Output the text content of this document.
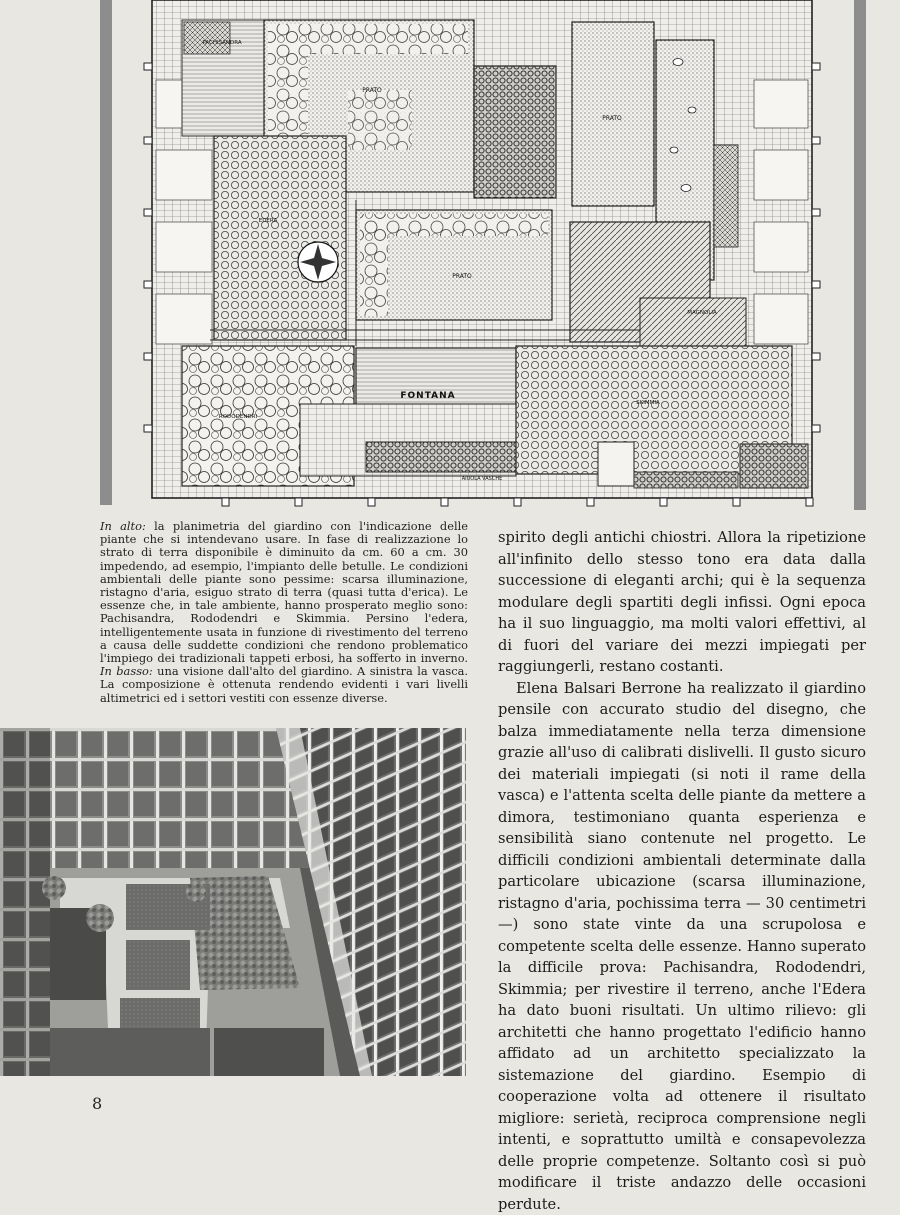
PRATO
PRATO
PRATO
FONTANA
EDERA
RODODENDRI
SKIMMIA
PACHISANDRA
MAGNOLIA
AIUOLA VASCHE

In alto: la planimetria del giardino con l'indicazione delle piante che si intendevano usare. In fase di realizzazione lo strato di terra disponibile è diminuito da cm. 60 a cm. 30 impedendo, ad esempio, l'impianto delle betulle. Le condizioni ambientali delle piante sono pessime: scarsa illuminazione, ristagno d'aria, esiguo strato di terra (quasi tutta d'erica). Le essenze che, in tale ambiente, hanno prosperato meglio sono: Pachisandra, Rododendri e Skimmia. Persino l'edera, intelligentemente usata in funzione di rivestimento del terreno a causa delle suddette condizioni che rendono problematico l'impiego dei tradizionali tappeti erbosi, ha sofferto in inverno. In basso: una visione dall'alto del giardino. A sinistra la vasca. La composizione è ottenuta rendendo evidenti i vari livelli altimetrici ed i settori vestiti con essenze diverse.

spirito degli antichi chiostri. Allora la ripetizione all'infinito dello stesso tono era data dalla successione di eleganti archi; qui è la sequenza modulare degli spartiti degli infissi. Ogni epoca ha il suo linguaggio, ma molti valori effettivi, al di fuori del variare dei mezzi impiegati per raggiungerli, restano costanti.

Elena Balsari Berrone ha realizzato il giardino pensile con accurato studio del disegno, che balza immediatamente nella terza dimensione grazie all'uso di calibrati dislivelli. Il gusto sicuro dei materiali impiegati (si noti il rame della vasca) e l'attenta scelta delle piante da mettere a dimora, testimoniano quanta esperienza e sensibilità siano contenute nel progetto. Le difficili condizioni ambientali determinate dalla particolare ubicazione (scarsa illuminazione, ristagno d'aria, pochissima terra — 30 centimetri —) sono state vinte da una scrupolosa e competente scelta delle essenze. Hanno superato la difficile prova: Pachisandra, Rododendri, Skimmia; per rivestire il terreno, anche l'Edera ha dato buoni risultati. Un ultimo rilievo: gli architetti che hanno progettato l'edificio hanno affidato ad un architetto specializzato la sistemazione del giardino. Esempio di cooperazione volta ad ottenere il risultato migliore: serietà, reciproca comprensione negli intenti, e soprattutto umiltà e consapevolezza delle proprie competenze. Soltanto così si può modificare il triste andazzo delle occasioni perdute.

8
